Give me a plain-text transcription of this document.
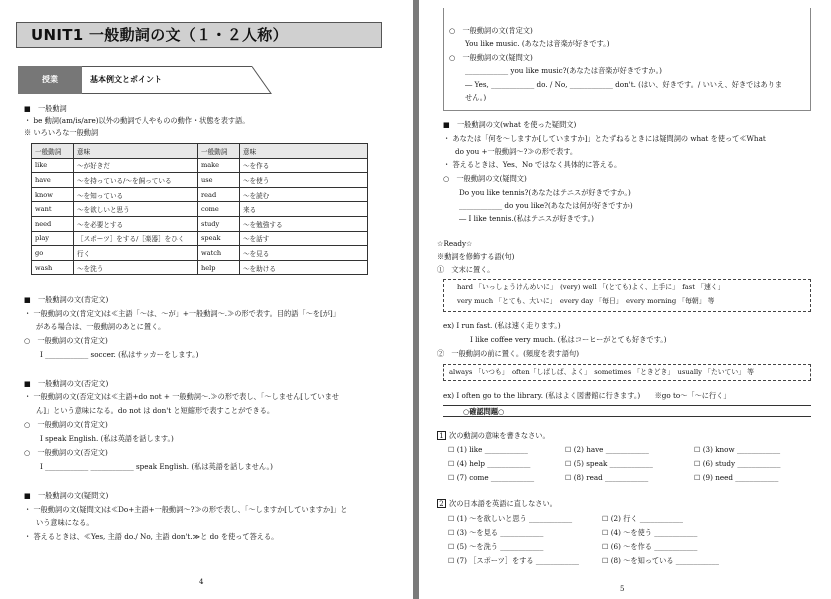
UNIT1 一般動詞の文（１・２人称）
授業	基本例文とポイント
■　一般動詞
・ be 動詞(am/is/are)以外の動詞で人やものの動作・状態を表す語。
※ いろいろな一般動詞
一般動詞	意味	一般動詞	意味
like	～が好きだ	make	～を作る
have	～を持っている/～を飼っている	use	～を使う
know	～を知っている	read	～を読む
want	～を欲しいと思う	come	来る
need	～を必要とする	study	～を勉強する
play	［スポーツ］をする/［楽器］をひく	speak	～を話す
go	行く	watch	～を見る
wash	～を洗う	help	～を助ける
■　一般動詞の文(肯定文)
・ 一般動詞の文(肯定文)は≪主語「～は、～が」+一般動詞～.≫の形で表す。目的語「～を[が]」
がある場合は、一般動詞のあとに置く。
○　一般動詞の文(肯定文)
I ____________ soccer. (私はサッカーをします。)
■　一般動詞の文(否定文)
・ 一般動詞の文(否定文)は≪主語+do not + 一般動詞～.≫の形で表し、「～しません[していませ
ん]」という意味になる。do not は don't と短縮形で表すことができる。
○　一般動詞の文(肯定文)
I speak English. (私は英語を話します。)
○　一般動詞の文(否定文)
I ____________ ____________ speak English. (私は英語を話しません。)
■　一般動詞の文(疑問文)
・ 一般動詞の文(疑問文)は≪Do+主語+一般動詞～?≫の形で表し、「～しますか[していますか]」と
いう意味になる。
・ 答えるときは、≪Yes, 主語 do./ No, 主語 don't.≫と do を使って答える。
4
○　一般動詞の文(肯定文)
You like music. (あなたは音楽が好きです。)
○　一般動詞の文(疑問文)
____________ you like music?(あなたは音楽が好きですか。)
― Yes, ____________ do. / No, ____________ don't. (はい、好きです。/ いいえ、好きではありま
せん。)
■　一般動詞の文(what を使った疑問文)
・ あなたは「何を～しますか[していますか]」とたずねるときには疑問詞の what を使って≪What
do you +一般動詞～?≫の形で表す。
・ 答えるときは、Yes、No ではなく具体的に答える。
○　一般動詞の文(疑問文)
Do you like tennis?(あなたはテニスが好きですか。)
____________ do you like?(あなたは何が好きですか)
― I like tennis.(私はテニスが好きです。)
☆Ready☆
※動詞を修飾する語(句)
①　文末に置く。
hard 「いっしょうけんめいに」　(very) well 「(とても)よく、上手に」　fast 「速く」
very much 「とても、大いに」　every day 「毎日」　every morning 「毎朝」 等
ex) I run fast. (私は速く走ります。)
I like coffee very much. (私はコーヒーがとても好きです。)
②　一般動詞の前に置く。(頻度を表す語句)
always 「いつも」　often「しばしば、よく」　sometimes 「ときどき」　usually 「たいてい」 等
ex) I often go to the library. (私はよく図書館に行きます。)　　※go to～「～に行く」
○確認問題○
1 次の動詞の意味を書きなさい。
☐ (1) like ____________	☐ (2) have ____________	☐ (3) know ____________
☐ (4) help ____________	☐ (5) speak ____________	☐ (6) study ____________
☐ (7) come ____________	☐ (8) read ____________	☐ (9) need ____________
2 次の日本語を英語に直しなさい。
☐ (1) ～を欲しいと思う ____________	☐ (2) 行く ____________
☐ (3) ～を見る ____________	☐ (4) ～を使う ____________
☐ (5) ～を洗う ____________	☐ (6) ～を作る ____________
☐ (7) ［スポーツ］をする ____________	☐ (8) ～を知っている ____________
5
